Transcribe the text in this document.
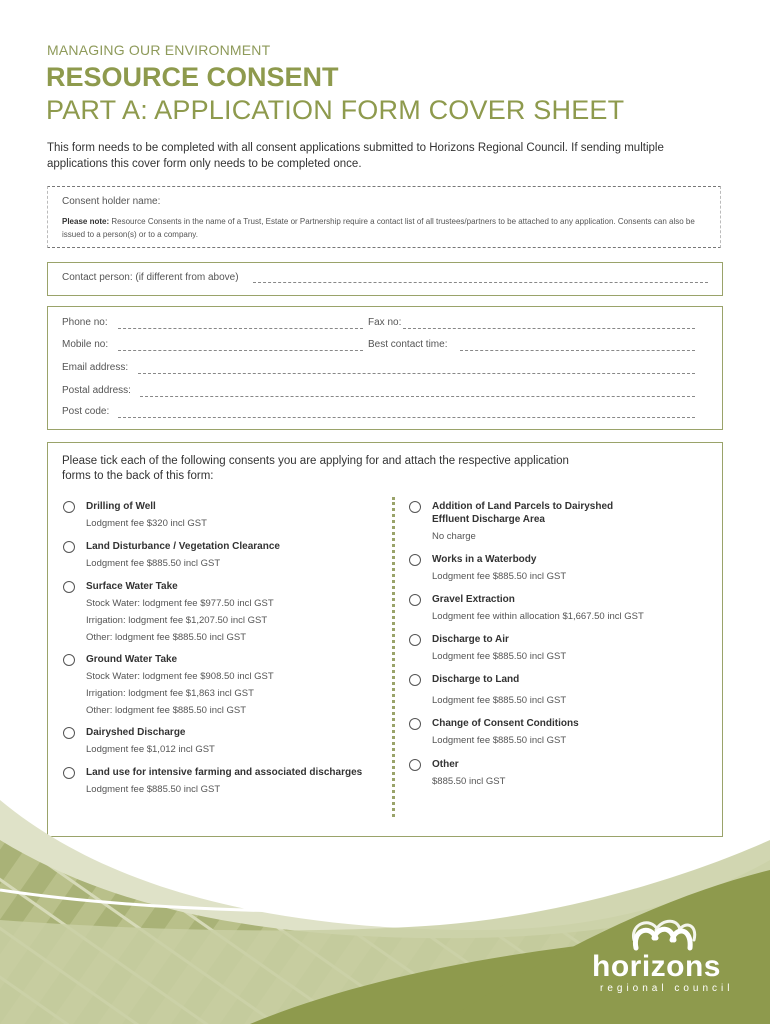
MANAGING OUR ENVIRONMENT
RESOURCE CONSENT
PART A: APPLICATION FORM COVER SHEET
This form needs to be completed with all consent applications submitted to Horizons Regional Council. If sending multiple applications this cover form only needs to be completed once.
Consent holder name:
Please note: Resource Consents in the name of a Trust, Estate or Partnership require a contact list of all trustees/partners to be attached to any application. Consents can also be issued to a person(s) or to a company.
Contact person: (if different from above)
Phone no:	Fax no:
Mobile no:	Best contact time:
Email address:
Postal address:
Post code:
Please tick each of the following consents you are applying for and attach the respective application forms to the back of this form:
Drilling of Well
Lodgment fee $320 incl GST
Land Disturbance / Vegetation Clearance
Lodgment fee $885.50 incl GST
Surface Water Take
Stock Water: lodgment fee $977.50 incl GST
Irrigation: lodgment fee $1,207.50 incl GST
Other: lodgment fee $885.50 incl GST
Ground Water Take
Stock Water: lodgment fee $908.50 incl GST
Irrigation: lodgment fee $1,863 incl GST
Other: lodgment fee $885.50 incl GST
Dairyshed Discharge
Lodgment fee $1,012 incl GST
Land use for intensive farming and associated discharges
Lodgment fee $885.50 incl GST
Addition of Land Parcels to Dairyshed
Effluent Discharge Area
No charge
Works in a Waterbody
Lodgment fee $885.50 incl GST
Gravel Extraction
Lodgment fee within allocation $1,667.50 incl GST
Discharge to Air
Lodgment fee $885.50 incl GST
Discharge to Land
Lodgment fee $885.50 incl GST
Change of Consent Conditions
Lodgment fee $885.50 incl GST
Other
$885.50 incl GST
horizons
regional council
